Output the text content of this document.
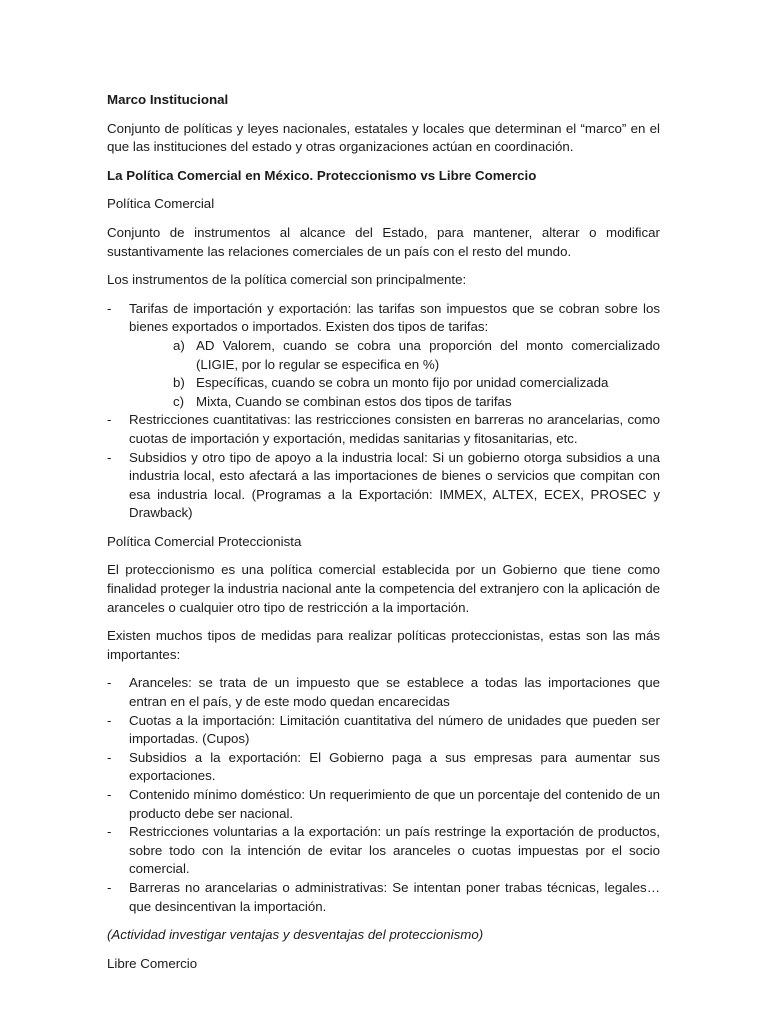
Marco Institucional

Conjunto de políticas y leyes nacionales, estatales y locales que determinan el “marco” en el que las instituciones del estado y otras organizaciones actúan en coordinación.

La Política Comercial en México. Proteccionismo vs Libre Comercio

Política Comercial

Conjunto de instrumentos al alcance del Estado, para mantener, alterar o modificar sustantivamente las relaciones comerciales de un país con el resto del mundo.

Los instrumentos de la política comercial son principalmente:

- Tarifas de importación y exportación: las tarifas son impuestos que se cobran sobre los bienes exportados o importados. Existen dos tipos de tarifas:
a) AD Valorem, cuando se cobra una proporción del monto comercializado (LIGIE, por lo regular se especifica en %)
b) Específicas, cuando se cobra un monto fijo por unidad comercializada
c) Mixta, Cuando se combinan estos dos tipos de tarifas
- Restricciones cuantitativas: las restricciones consisten en barreras no arancelarias, como cuotas de importación y exportación, medidas sanitarias y fitosanitarias, etc.
- Subsidios y otro tipo de apoyo a la industria local: Si un gobierno otorga subsidios a una industria local, esto afectará a las importaciones de bienes o servicios que compitan con esa industria local. (Programas a la Exportación: IMMEX, ALTEX, ECEX, PROSEC y Drawback)

Política Comercial Proteccionista

El proteccionismo es una política comercial establecida por un Gobierno que tiene como finalidad proteger la industria nacional ante la competencia del extranjero con la aplicación de aranceles o cualquier otro tipo de restricción a la importación.

Existen muchos tipos de medidas para realizar políticas proteccionistas, estas son las más importantes:

- Aranceles: se trata de un impuesto que se establece a todas las importaciones que entran en el país, y de este modo quedan encarecidas
- Cuotas a la importación: Limitación cuantitativa del número de unidades que pueden ser importadas. (Cupos)
- Subsidios a la exportación: El Gobierno paga a sus empresas para aumentar sus exportaciones.
- Contenido mínimo doméstico: Un requerimiento de que un porcentaje del contenido de un producto debe ser nacional.
- Restricciones voluntarias a la exportación: un país restringe la exportación de productos, sobre todo con la intención de evitar los aranceles o cuotas impuestas por el socio comercial.
- Barreras no arancelarias o administrativas: Se intentan poner trabas técnicas, legales…que desincentivan la importación.

(Actividad investigar ventajas y desventajas del proteccionismo)

Libre Comercio
